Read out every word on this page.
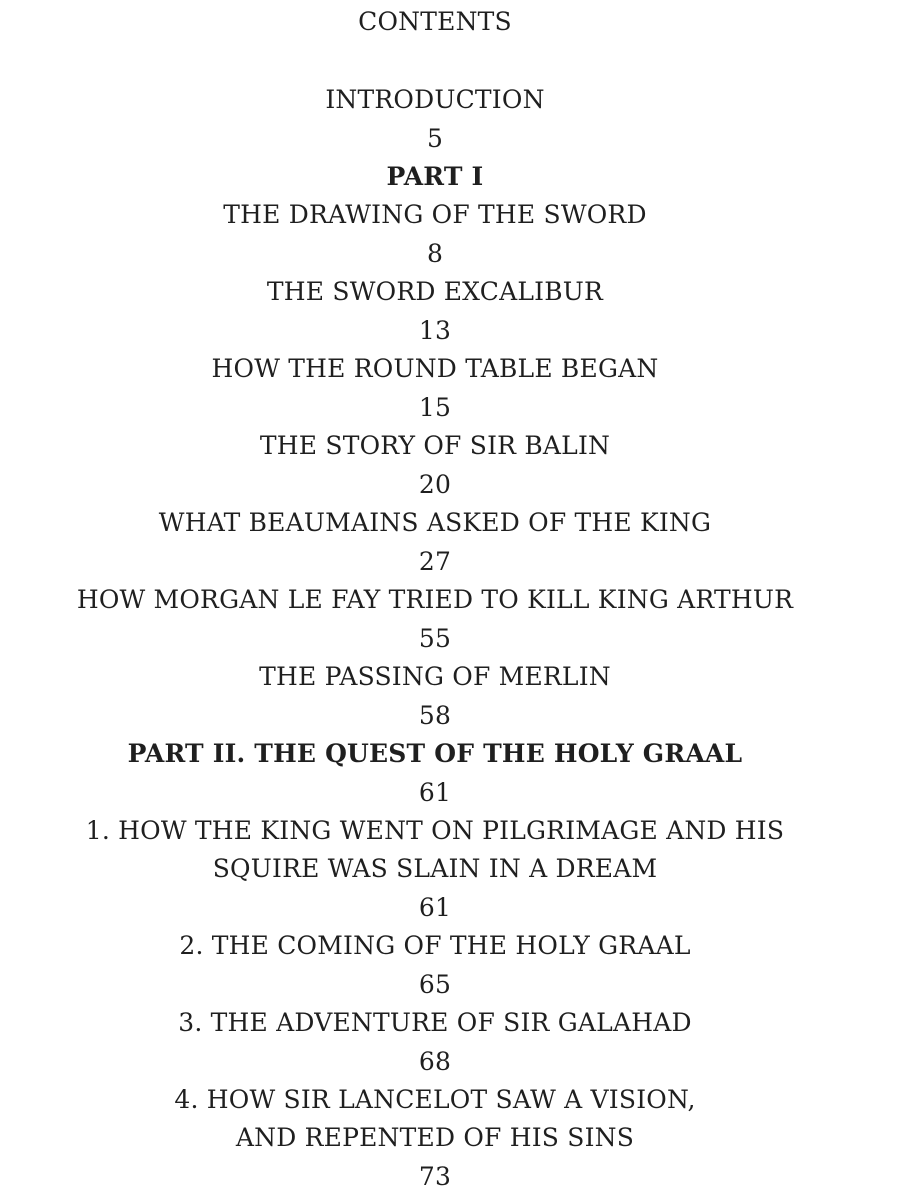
CONTENTS
INTRODUCTION
5
PART I
THE DRAWING OF THE SWORD
8
THE SWORD EXCALIBUR
13
HOW THE ROUND TABLE BEGAN
15
THE STORY OF SIR BALIN
20
WHAT BEAUMAINS ASKED OF THE KING
27
HOW MORGAN LE FAY TRIED TO KILL KING ARTHUR
55
THE PASSING OF MERLIN
58
PART II. THE QUEST OF THE HOLY GRAAL
61
1. HOW THE KING WENT ON PILGRIMAGE AND HIS
SQUIRE WAS SLAIN IN A DREAM
61
2. THE COMING OF THE HOLY GRAAL
65
3. THE ADVENTURE OF SIR GALAHAD
68
4. HOW SIR LANCELOT SAW A VISION,
AND REPENTED OF HIS SINS
73
